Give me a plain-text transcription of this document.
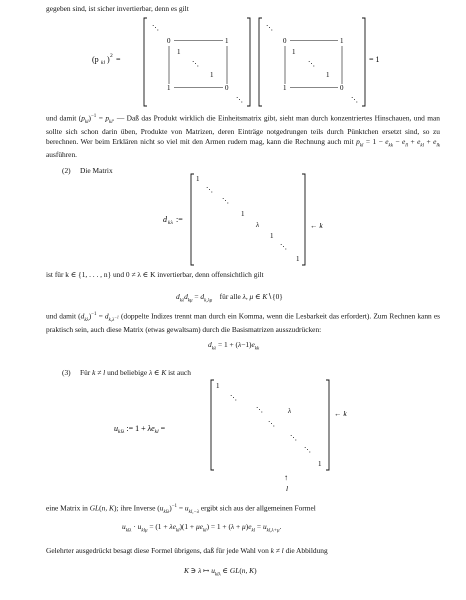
gegeben sind, ist sicher invertierbar, denn es gilt
(p kl ) 2 =
⋱
0	1
1
⋱
1
1	0
⋱
⋱
0	1
1
⋱
1
1	0
⋱
= 1
und damit $(p_{kl})^{-1} = p_{kl}$. — Daß das Produkt wirklich die Einheitsmatrix gibt, sieht man durch konzentriertes Hinschauen, und man sollte sich schon darin üben, Produkte von Matrizen, deren Einträge notgedrungen teils durch Pünktchen ersetzt sind, so zu berechnen. Wer beim Erklären nicht so viel mit den Armen rudern mag, kann die Rechnung auch mit $p_{kl} = 1 - e_{kk} - e_{ll} + e_{kl} + e_{lk}$ ausführen.
(2) Die Matrix
d kλ :=
1
⋱
⋱
1
λ
1
⋱
1
← k
ist für k ∈ {1, . . . , n} und 0 ≠ λ ∈ K invertierbar, denn offensichtlich gilt
$d_{k\lambda}d_{k\mu} = d_{k,\lambda\mu}$    für alle λ, μ ∈ K∖{0}
und damit $(d_{k\lambda})^{-1} = d_{k,\lambda^{-1}}$ (doppelte Indizes trennt man durch ein Komma, wenn die Lesbarkeit das erfordert). Zum Rechnen kann es praktisch sein, auch diese Matrix (etwas gewaltsam) durch die Basismatrizen ausszudrücken:
$d_{k\lambda} = 1 + (\lambda-1)e_{kk}$
(3) Für k ≠ l und beliebige λ ∈ K ist auch
$u_{kl\lambda}$ := $1 + \lambda e_{kl}$ =
1
⋱
⋱	λ
⋱
⋱
⋱
1
← k
↑
l
eine Matrix in GL(n, K); ihre Inverse $(u_{kl\lambda})^{-1} = u_{kl,-\lambda}$ ergibt sich aus der allgemeinen Formel
$u_{kl\lambda} \cdot u_{kl\mu} = (1 + \lambda e_{kl})(1 + \mu e_{kl}) = 1 + (\lambda + \mu)e_{kl} = u_{kl,\lambda+\mu}$.
Gelehrter ausgedrückt besagt diese Formel übrigens, daß für jede Wahl von k ≠ l die Abbildung
K ∋ λ ↦ $u_{kl\lambda}$ ∈ GL(n, K)
